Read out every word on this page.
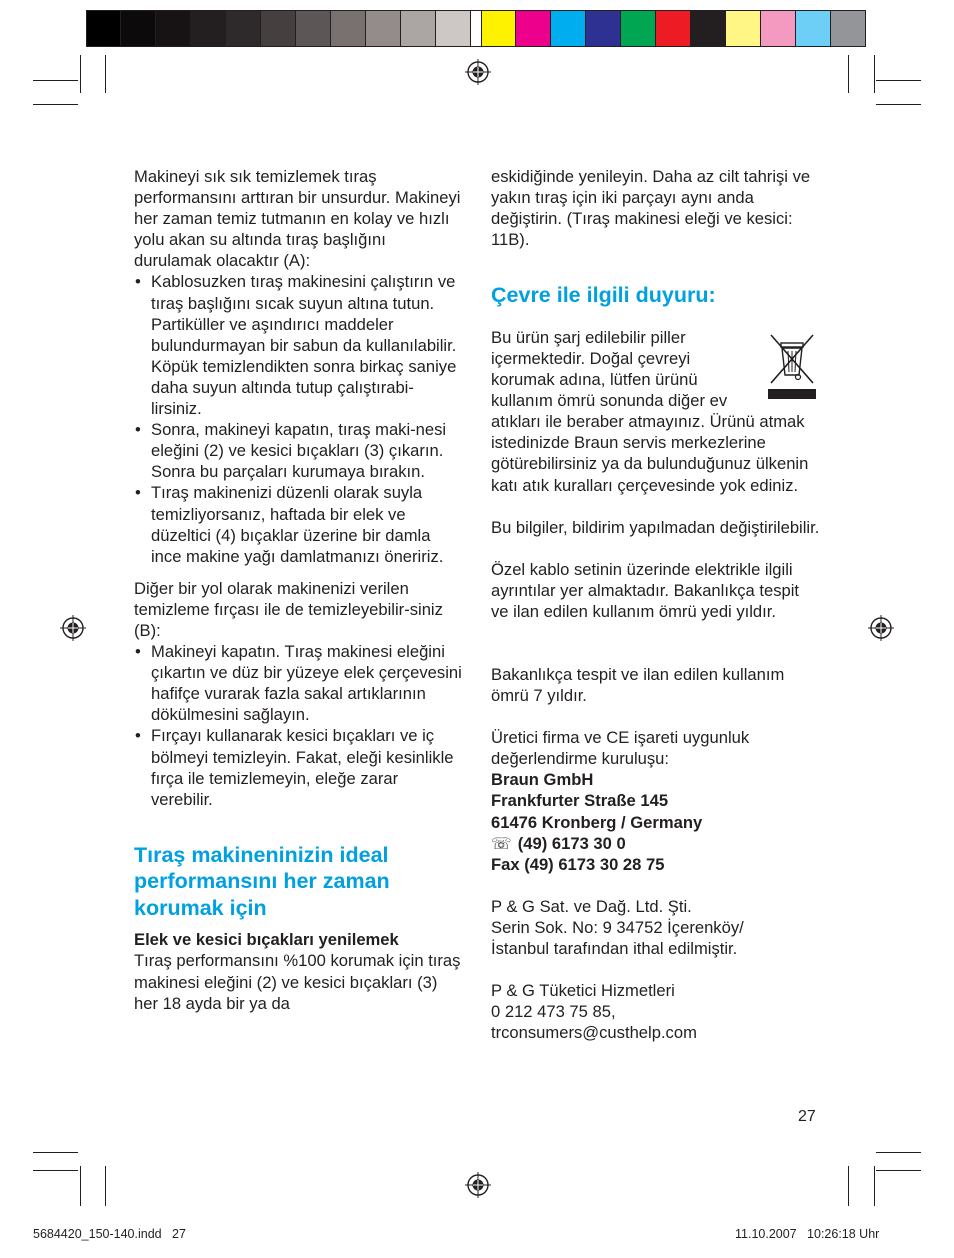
Makineyi sık sık temizlemek tıraş performansını arttıran bir unsurdur. Makineyi her zaman temiz tutmanın en kolay ve hızlı yolu akan su altında tıraş başlığını durulamak olacaktır (A):

• Kablosuzken tıraş makinesini çalıştırın ve tıraş başlığını sıcak suyun altına tutun. Partiküller ve aşındırıcı maddeler bulundurmayan bir sabun da kullanılabilir. Köpük temizlendikten sonra birkaç saniye daha suyun altında tutup çalıştırabi-lirsiniz.
• Sonra, makineyi kapatın, tıraş maki-nesi eleğini (2) ve kesici bıçakları (3) çıkarın. Sonra bu parçaları kurumaya bırakın.
• Tıraş makinenizi düzenli olarak suyla temizliyorsanız, haftada bir elek ve düzeltici (4) bıçaklar üzerine bir damla ince makine yağı damlatmanızı öneririz.

Diğer bir yol olarak makinenizi verilen temizleme fırçası ile de temizleyebilir-siniz (B):

• Makineyi kapatın. Tıraş makinesi eleğini çıkartın ve düz bir yüzeye elek çerçevesini hafifçe vurarak fazla sakal artıklarının dökülmesini sağlayın.
• Fırçayı kullanarak kesici bıçakları ve iç bölmeyi temizleyin. Fakat, eleği kesinlikle fırça ile temizlemeyin, eleğe zarar verebilir.
Tıraş makineninizin ideal performansını her zaman korumak için

Elek ve kesici bıçakları yenilemek

Tıraş performansını %100 korumak için tıraş makinesi eleğini (2) ve kesici bıçakları (3) her 18 ayda bir ya da

eskidiğinde yenileyin. Daha az cilt tahrişi ve yakın tıraş için iki parçayı aynı anda değiştirin. (Tıraş makinesi eleği ve kesici: 11B).

Çevre ile ilgili duyuru:

Bu ürün şarj edilebilir piller içermektedir. Doğal çevreyi korumak adına, lütfen ürünü kullanım ömrü sonunda diğer ev atıkları ile beraber atmayınız. Ürünü atmak istedinizde Braun servis merkezlerine götürebilirsiniz ya da bulunduğunuz ülkenin katı atık kuralları çerçevesinde yok ediniz.

Bu bilgiler, bildirim yapılmadan değiştirilebilir.

Özel kablo setinin üzerinde elektrikle ilgili ayrıntılar yer almaktadır. Bakanlıkça tespit ve ilan edilen kullanım ömrü yedi yıldır.

Bakanlıkça tespit ve ilan edilen kullanım ömrü 7 yıldır.

Üretici firma ve CE işareti uygunluk değerlendirme kuruluşu:

Braun GmbH

Frankfurter Straße 145

61476 Kronberg / Germany

☏ (49) 6173 30 0

Fax (49) 6173 30 28 75

P & G Sat. ve Dağ. Ltd. Şti.

Serin Sok. No: 9 34752 İçerenköy/

İstanbul tarafından ithal edilmiştir.

P & G Tüketici Hizmetleri

0 212 473 75 85,

trconsumers@custhelp.com

27
5684420_150-140.indd   27	11.10.2007   10:26:18 Uhr
